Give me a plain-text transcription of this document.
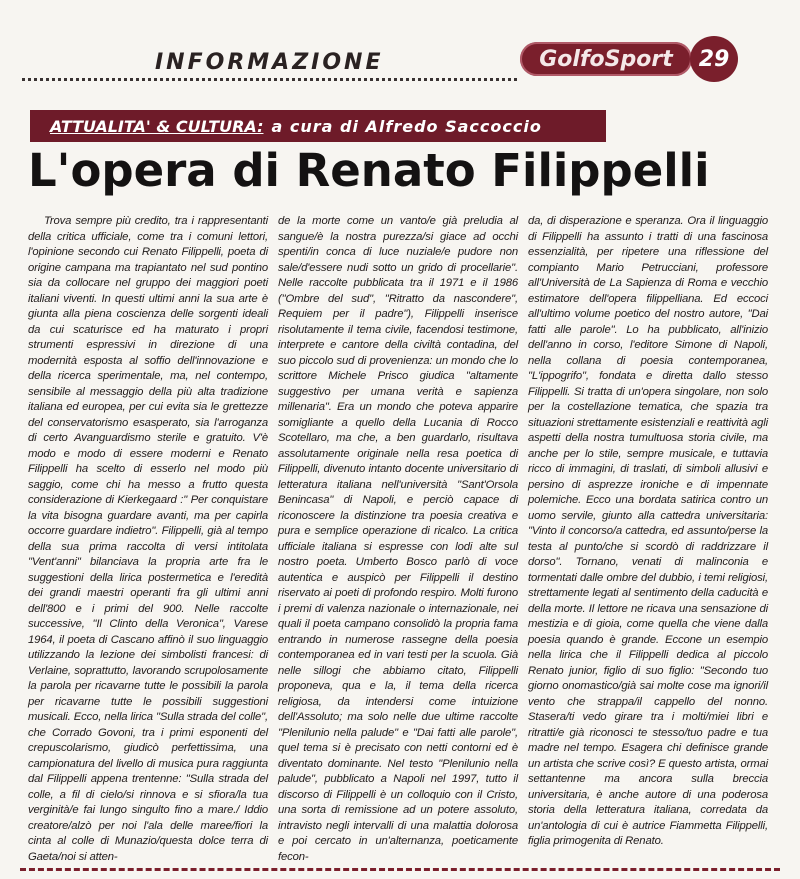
INFORMAZIONE	GolfoSport	29
ATTUALITA' & CULTURA: a cura di Alfredo Saccoccio
L'opera di Renato Filippelli

Trova sempre più credito, tra i rappresentanti della critica ufficiale, come tra i comuni lettori, l'opinione secondo cui Renato Filippelli, poeta di origine campana ma trapiantato nel sud pontino sia da collocare nel gruppo dei maggiori poeti italiani viventi. In questi ultimi anni la sua arte è giunta alla piena coscienza delle sorgenti ideali da cui scaturisce ed ha maturato i propri strumenti espressivi in direzione di una modernità esposta al soffio dell'innovazione e della ricerca sperimentale, ma, nel contempo, sensibile al messaggio della più alta tradizione italiana ed europea, per cui evita sia le grettezze del conservatorismo esasperato, sia l'arroganza di certo Avanguardismo sterile e gratuito. V'è modo e modo di essere moderni e Renato Filippelli ha scelto di esserlo nel modo più saggio, come chi ha messo a frutto questa considerazione di Kierkegaard :" Per conquistare la vita bisogna guardare avanti, ma per capirla occorre guardare indietro". Filippelli, già al tempo della sua prima raccolta di versi intitolata "Vent'anni" bilanciava la propria arte fra le suggestioni della lirica postermetica e l'eredità dei grandi maestri operanti fra gli ultimi anni dell'800 e i primi del 900. Nelle raccolte successive, "Il Clinto della Veronica", Varese 1964, il poeta di Cascano affinò il suo linguaggio utilizzando la lezione dei simbolisti francesi: di Verlaine, soprattutto, lavorando scrupolosamente la parola per ricavarne tutte le possibili la parola per ricavarne tutte le possibili suggestioni musicali. Ecco, nella lirica "Sulla strada del colle", che Corrado Govoni, tra i primi esponenti del crepuscolarismo, giudicò perfettissima, una campionatura del livello di musica pura raggiunta dal Filippelli appena trentenne: "Sulla strada del colle, a fil di cielo/si rinnova e si sfiora/la tua verginità/e fai lungo singulto fino a mare./ Iddio creatore/alzò per noi l'ala delle maree/fiori la cinta al colle di Munazio/questa dolce terra di Gaeta/noi si atten-

de la morte come un vanto/e già preludia al sangue/è la nostra purezza/si giace ad occhi spenti/in conca di luce nuziale/e pudore non sale/d'essere nudi sotto un grido di procellarie". Nelle raccolte pubblicata tra il 1971 e il 1986 ("Ombre del sud", "Ritratto da nascondere", Requiem per il padre"), Filippelli inserisce risolutamente il tema civile, facendosi testimone, interprete e cantore della civiltà contadina, del suo piccolo sud di provenienza: un mondo che lo scrittore Michele Prisco giudica "altamente suggestivo per umana verità e sapienza millenaria". Era un mondo che poteva apparire somigliante a quello della Lucania di Rocco Scotellaro, ma che, a ben guardarlo, risultava assolutamente originale nella resa poetica di Filippelli, divenuto intanto docente universitario di letteratura italiana nell'università "Sant'Orsola Benincasa" di Napoli, e perciò capace di riconoscere la distinzione tra poesia creativa e pura e semplice operazione di ricalco. La critica ufficiale italiana si espresse con lodi alte sul nostro poeta. Umberto Bosco parlò di voce autentica e auspicò per Filippelli il destino riservato ai poeti di profondo respiro. Molti furono i premi di valenza nazionale o internazionale, nei quali il poeta campano consolidò la propria fama entrando in numerose rassegne della poesia contemporanea ed in vari testi per la scuola. Già nelle sillogi che abbiamo citato, Filippelli proponeva, qua e la, il tema della ricerca religiosa, da intendersi come intuizione dell'Assoluto; ma solo nelle due ultime raccolte "Plenilunio nella palude" e "Dai fatti alle parole", quel tema si è precisato con netti contorni ed è diventato dominante. Nel testo "Plenilunio nella palude", pubblicato a Napoli nel 1997, tutto il discorso di Filippelli è un colloquio con il Cristo, una sorta di remissione ad un potere assoluto, intravisto negli intervalli di una malattia dolorosa e poi cercato in un'alternanza, poeticamente fecon-

da, di disperazione e speranza. Ora il linguaggio di Filippelli ha assunto i tratti di una fascinosa essenzialità, per ripetere una riflessione del compianto Mario Petrucciani, professore all'Università de La Sapienza di Roma e vecchio estimatore dell'opera filippelliana. Ed eccoci all'ultimo volume poetico del nostro autore, "Dai fatti alle parole". Lo ha pubblicato, all'inizio dell'anno in corso, l'editore Simone di Napoli, nella collana di poesia contemporanea, "L'ippogrifo", fondata e diretta dallo stesso Filippelli. Si tratta di un'opera singolare, non solo per la costellazione tematica, che spazia tra situazioni strettamente esistenziali e reattività agli aspetti della nostra tumultuosa storia civile, ma anche per lo stile, sempre musicale, e tuttavia ricco di immagini, di traslati, di simboli allusivi e persino di asprezze ironiche e di impennate polemiche. Ecco una bordata satirica contro un uomo servile, giunto alla cattedra universitaria: "Vinto il concorso/a cattedra, ed assunto/perse la testa al punto/che si scordò di raddrizzare il dorso". Tornano, venati di malinconia e tormentati dalle ombre del dubbio, i temi religiosi, strettamente legati al sentimento della caducità e della morte. Il lettore ne ricava una sensazione di mestizia e di gioia, come quella che viene dalla poesia quando è grande. Eccone un esempio nella lirica che il Filippelli dedica al piccolo Renato junior, figlio di suo figlio: "Secondo tuo giorno onomastico/già sai molte cose ma ignori/il vento che strappa/il cappello del nonno. Stasera/ti vedo girare tra i molti/miei libri e ritratti/e già riconosci te stesso/tuo padre e tua madre nel tempo. Esagera chi definisce grande un artista che scrive così? E questo artista, ormai settantenne ma ancora sulla breccia universitaria, è anche autore di una poderosa storia della letteratura italiana, corredata da un'antologia di cui è autrice Fiammetta Filippelli, figlia primogenita di Renato.
